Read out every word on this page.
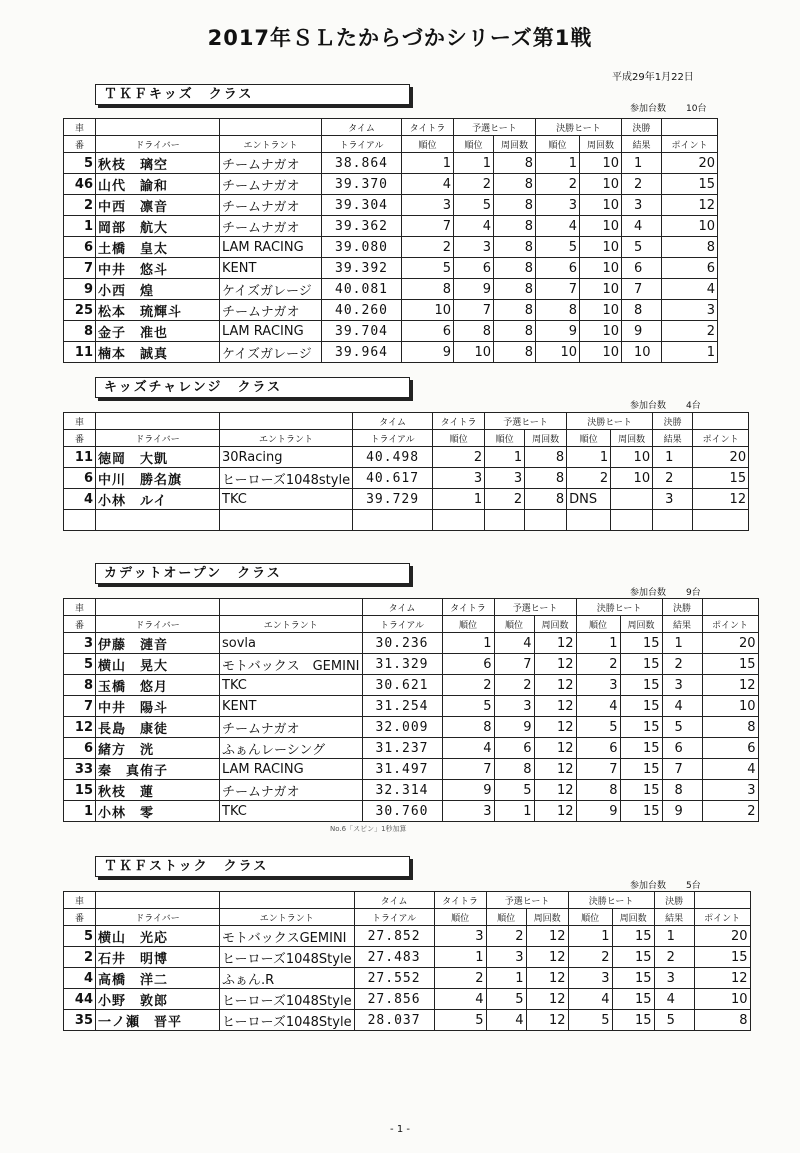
2017年ＳＬたからづかシリーズ第1戦
平成29年1月22日
ＴＫＦキッズ　クラス
参加台数 10台
車			タイム	タイトラ	予選ヒート		決勝ヒート		決勝	
番	ドライバー	エントラント	トライアル	順位	順位	周回数	順位	周回数	結果	ポイント
5	秋枝　璃空	チームナガオ	38.864	1	1	8	1	10	1	20
46	山代　諭和	チームナガオ	39.370	4	2	8	2	10	2	15
2	中西　凛音	チームナガオ	39.304	3	5	8	3	10	3	12
1	岡部　航大	チームナガオ	39.362	7	4	8	4	10	4	10
6	土橋　皇太	LAM RACING	39.080	2	3	8	5	10	5	8
7	中井　悠斗	KENT	39.392	5	6	8	6	10	6	6
9	小西　煌	ケイズガレージ	40.081	8	9	8	7	10	7	4
25	松本　琉輝斗	チームナガオ	40.260	10	7	8	8	10	8	3
8	金子　准也	LAM RACING	39.704	6	8	8	9	10	9	2
11	楠本　誠真	ケイズガレージ	39.964	9	10	8	10	10	10	1
キッズチャレンジ　クラス
参加台数 4台
車			タイム	タイトラ	予選ヒート		決勝ヒート		決勝	
番	ドライバー	エントラント	トライアル	順位	順位	周回数	順位	周回数	結果	ポイント
11	徳岡　大凱	30Racing	40.498	2	1	8	1	10	1	20
6	中川　勝名旗	ヒーローズ1048style	40.617	3	3	8	2	10	2	15
4	小林　ルイ	TKC	39.729	1	2	8	DNS		3	12

カデットオープン　クラス
参加台数 9台
車			タイム	タイトラ	予選ヒート		決勝ヒート		決勝	
番	ドライバー	エントラント	トライアル	順位	順位	周回数	順位	周回数	結果	ポイント
3	伊藤　漣音	sovla	30.236	1	4	12	1	15	1	20
5	横山　晃大	モトバックス　GEMINI	31.329	6	7	12	2	15	2	15
8	玉橋　悠月	TKC	30.621	2	2	12	3	15	3	12
7	中井　陽斗	KENT	31.254	5	3	12	4	15	4	10
12	長島　康徒	チームナガオ	32.009	8	9	12	5	15	5	8
6	緒方　洸	ふぁんレーシング	31.237	4	6	12	6	15	6	6
33	秦　真侑子	LAM RACING	31.497	7	8	12	7	15	7	4
15	秋枝　蓮	チームナガオ	32.314	9	5	12	8	15	8	3
1	小林　零	TKC	30.760	3	1	12	9	15	9	2
ＴＫＦストック　クラス
参加台数 5台
車			タイム	タイトラ	予選ヒート		決勝ヒート		決勝	
番	ドライバー	エントラント	トライアル	順位	順位	周回数	順位	周回数	結果	ポイント
5	横山　光応	モトバックスGEMINI	27.852	3	2	12	1	15	1	20
2	石井　明博	ヒーローズ1048Style	27.483	1	3	12	2	15	2	15
4	高橋　洋二	ふぁん.R	27.552	2	1	12	3	15	3	12
44	小野　敦郎	ヒーローズ1048Style	27.856	4	5	12	4	15	4	10
35	一ノ瀬　晋平	ヒーローズ1048Style	28.037	5	4	12	5	15	5	8
No.6「スピン」1秒加算
- 1 -
